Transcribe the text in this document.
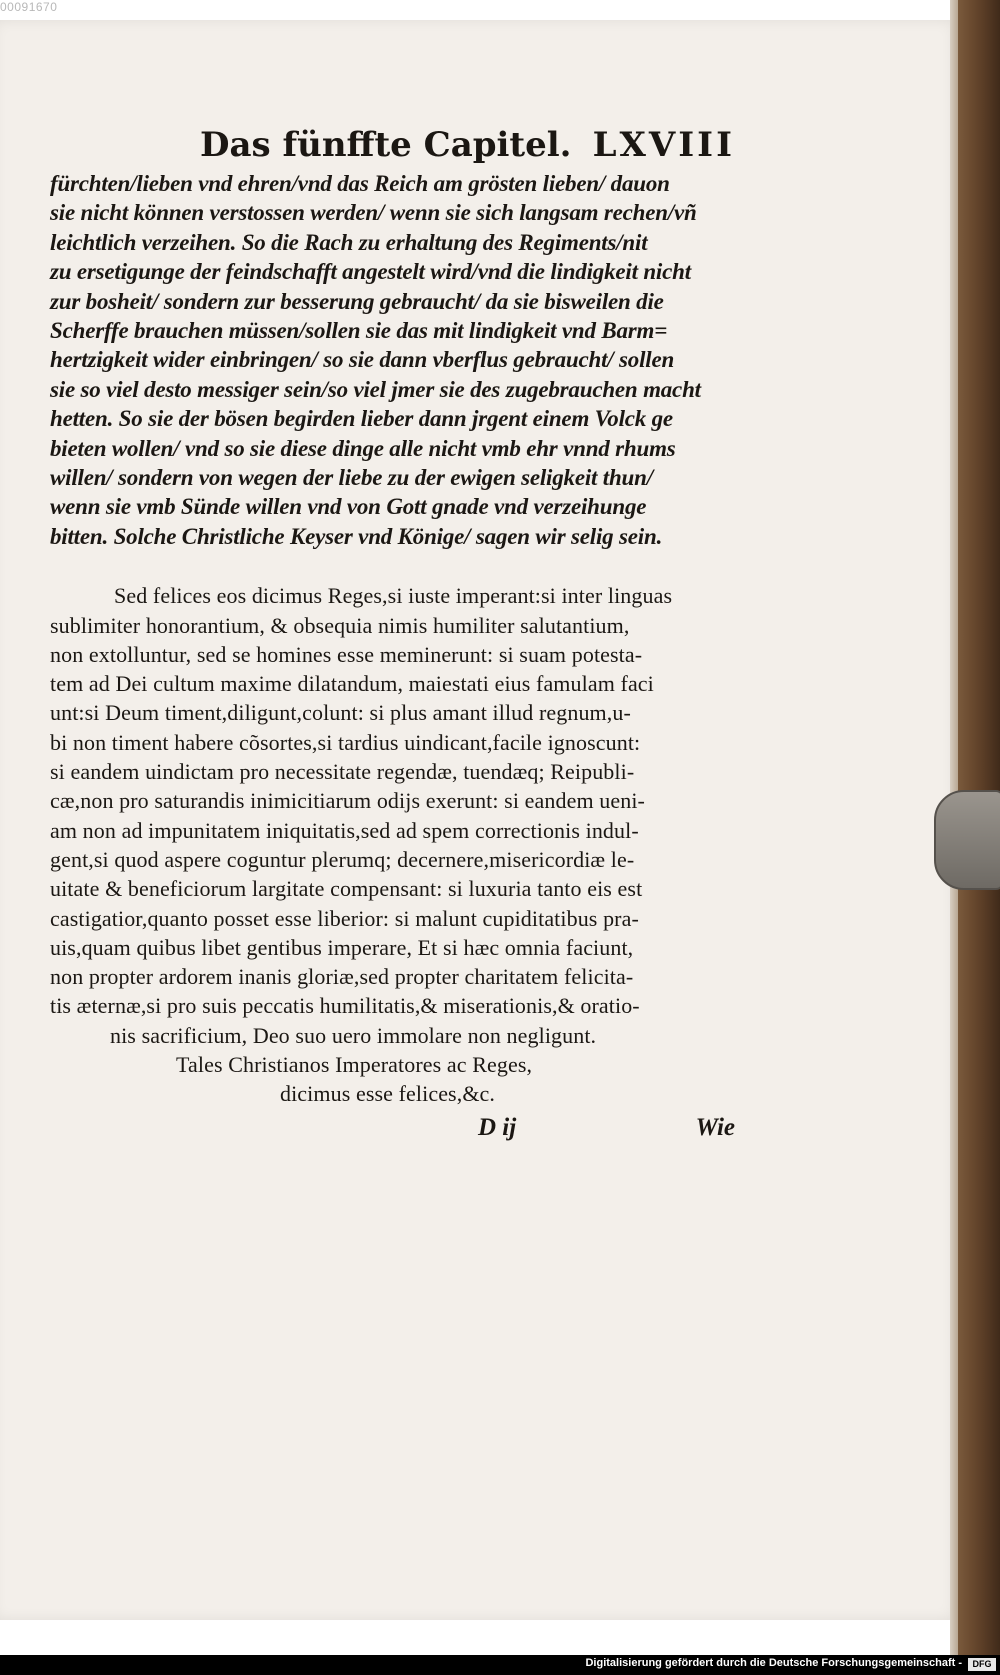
00091670
Das fünffte Capitel. LXVIII

fürchten/lieben vnd ehren/vnd das Reich am grösten lieben/ dauon

sie nicht können verstossen werden/ wenn sie sich langsam rechen/vñ

leichtlich verzeihen. So die Rach zu erhaltung des Regiments/nit

zu ersetigunge der feindschafft angestelt wird/vnd die lindigkeit nicht

zur bosheit/ sondern zur besserung gebraucht/ da sie bisweilen die

Scherffe brauchen müssen/sollen sie das mit lindigkeit vnd Barm=

hertzigkeit wider einbringen/ so sie dann vberflus gebraucht/ sollen

sie so viel desto messiger sein/so viel jmer sie des zugebrauchen macht

hetten. So sie der bösen begirden lieber dann jrgent einem Volck ge

bieten wollen/ vnd so sie diese dinge alle nicht vmb ehr vnnd rhums

willen/ sondern von wegen der liebe zu der ewigen seligkeit thun/

wenn sie vmb Sünde willen vnd von Gott gnade vnd verzeihunge

bitten. Solche Christliche Keyser vnd Könige/ sagen wir selig sein.

Sed felices eos dicimus Reges,si iuste imperant:si inter linguas

sublimiter honorantium, & obsequia nimis humiliter salutantium,

non extolluntur, sed se homines esse meminerunt: si suam potesta-

tem ad Dei cultum maxime dilatandum, maiestati eius famulam faci

unt:si Deum timent,diligunt,colunt: si plus amant illud regnum,u-

bi non timent habere cõsortes,si tardius uindicant,facile ignoscunt:

si eandem uindictam pro necessitate regendæ, tuendæq; Reipubli-

cæ,non pro saturandis inimicitiarum odijs exerunt: si eandem ueni-

am non ad impunitatem iniquitatis,sed ad spem correctionis indul-

gent,si quod aspere coguntur plerumq; decernere,misericordiæ le-

uitate & beneficiorum largitate compensant: si luxuria tanto eis est

castigatior,quanto posset esse liberior: si malunt cupiditatibus pra-

uis,quam quibus libet gentibus imperare, Et si hæc omnia faciunt,

non propter ardorem inanis gloriæ,sed propter charitatem felicita-

tis æternæ,si pro suis peccatis humilitatis,& miserationis,& oratio-

nis sacrificium, Deo suo uero immolare non negligunt.

Tales Christianos Imperatores ac Reges,

dicimus esse felices,&c.

D ij	Wie
Digitalisierung gefördert durch die Deutsche Forschungsgemeinschaft -	DFG
